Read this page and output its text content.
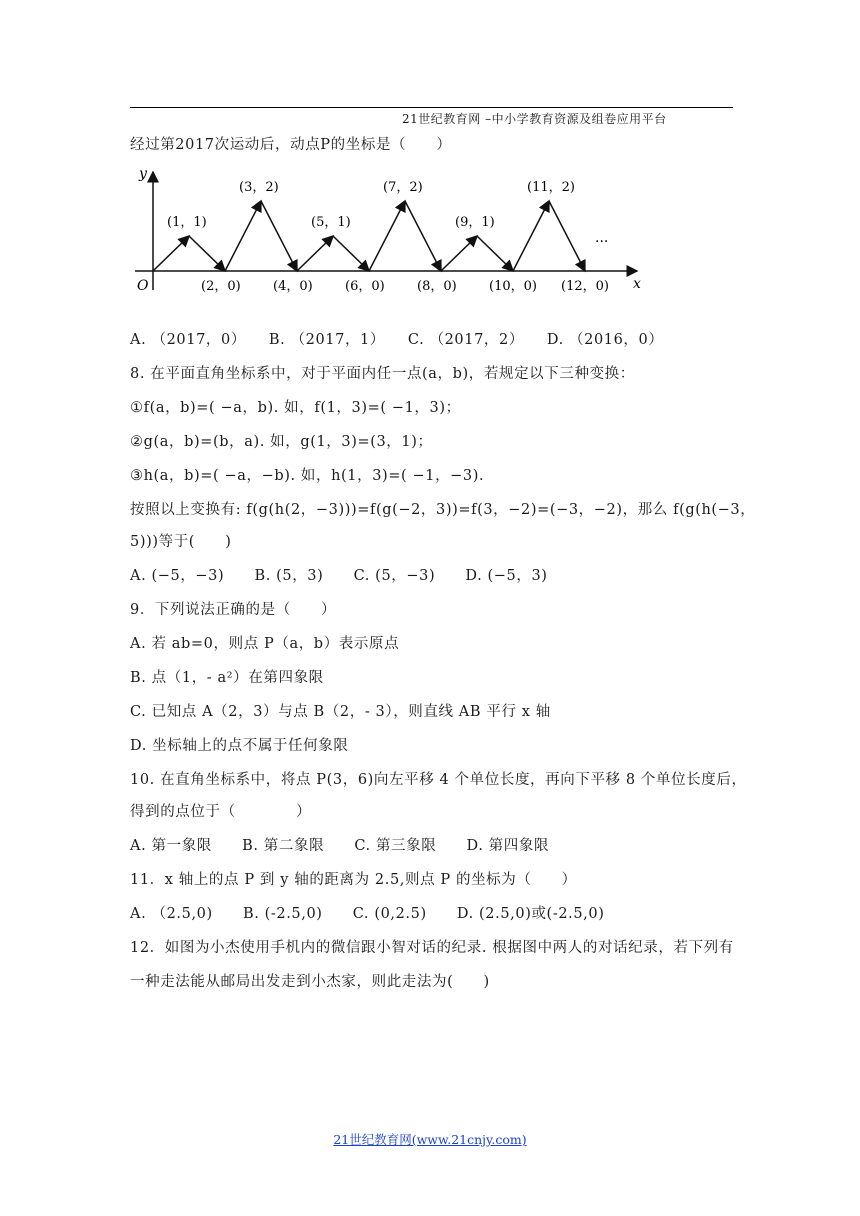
21世纪教育网 –中小学教育资源及组卷应用平台
经过第2017次运动后，动点P的坐标是（　　）
y
x
O
···
(1，1)
(2，0)
(3，2)
(4，0)
(5，1)
(6，0)
(7，2)
(8，0)
(9，1)
(10，0)
(11，2)
(12，0)
A. （2017，0）　　B. （2017，1）　　C. （2017，2）　　D. （2016，0）
8. 在平面直角坐标系中，对于平面内任一点(a，b)，若规定以下三种变换：
①f(a，b)=( −a，b). 如，f(1，3)=( −1，3)；
②g(a，b)=(b，a). 如，g(1，3)=(3，1)；
③h(a，b)=( −a，−b). 如，h(1，3)=( −1，−3).
按照以上变换有: f(g(h(2，−3)))=f(g(−2，3))=f(3，−2)=(−3，−2)，那么 f(g(h(−3，
5)))等于(　　)
A. (−5，−3)　　B. (5，3)　　C. (5，−3)　　D. (−5，3)
9．下列说法正确的是（　　）
A. 若 ab=0，则点 P（a，b）表示原点
B. 点（1，- a²）在第四象限
C. 已知点 A（2，3）与点 B（2，- 3），则直线 AB 平行 x 轴
D. 坐标轴上的点不属于任何象限
10. 在直角坐标系中，将点 P(3，6)向左平移 4 个单位长度，再向下平移 8 个单位长度后，
得到的点位于（　　　　）
A. 第一象限　　B. 第二象限　　C. 第三象限　　D. 第四象限
11．x 轴上的点 P 到 y 轴的距离为 2.5,则点 P 的坐标为（　　）
A. （2.5,0)　　B. (-2.5,0)　　C. (0,2.5)　　D. (2.5,0)或(-2.5,0)
12．如图为小杰使用手机内的微信跟小智对话的纪录. 根据图中两人的对话纪录，若下列有
一种走法能从邮局出发走到小杰家，则此走法为(　　)
21世纪教育网(www.21cnjy.com)
